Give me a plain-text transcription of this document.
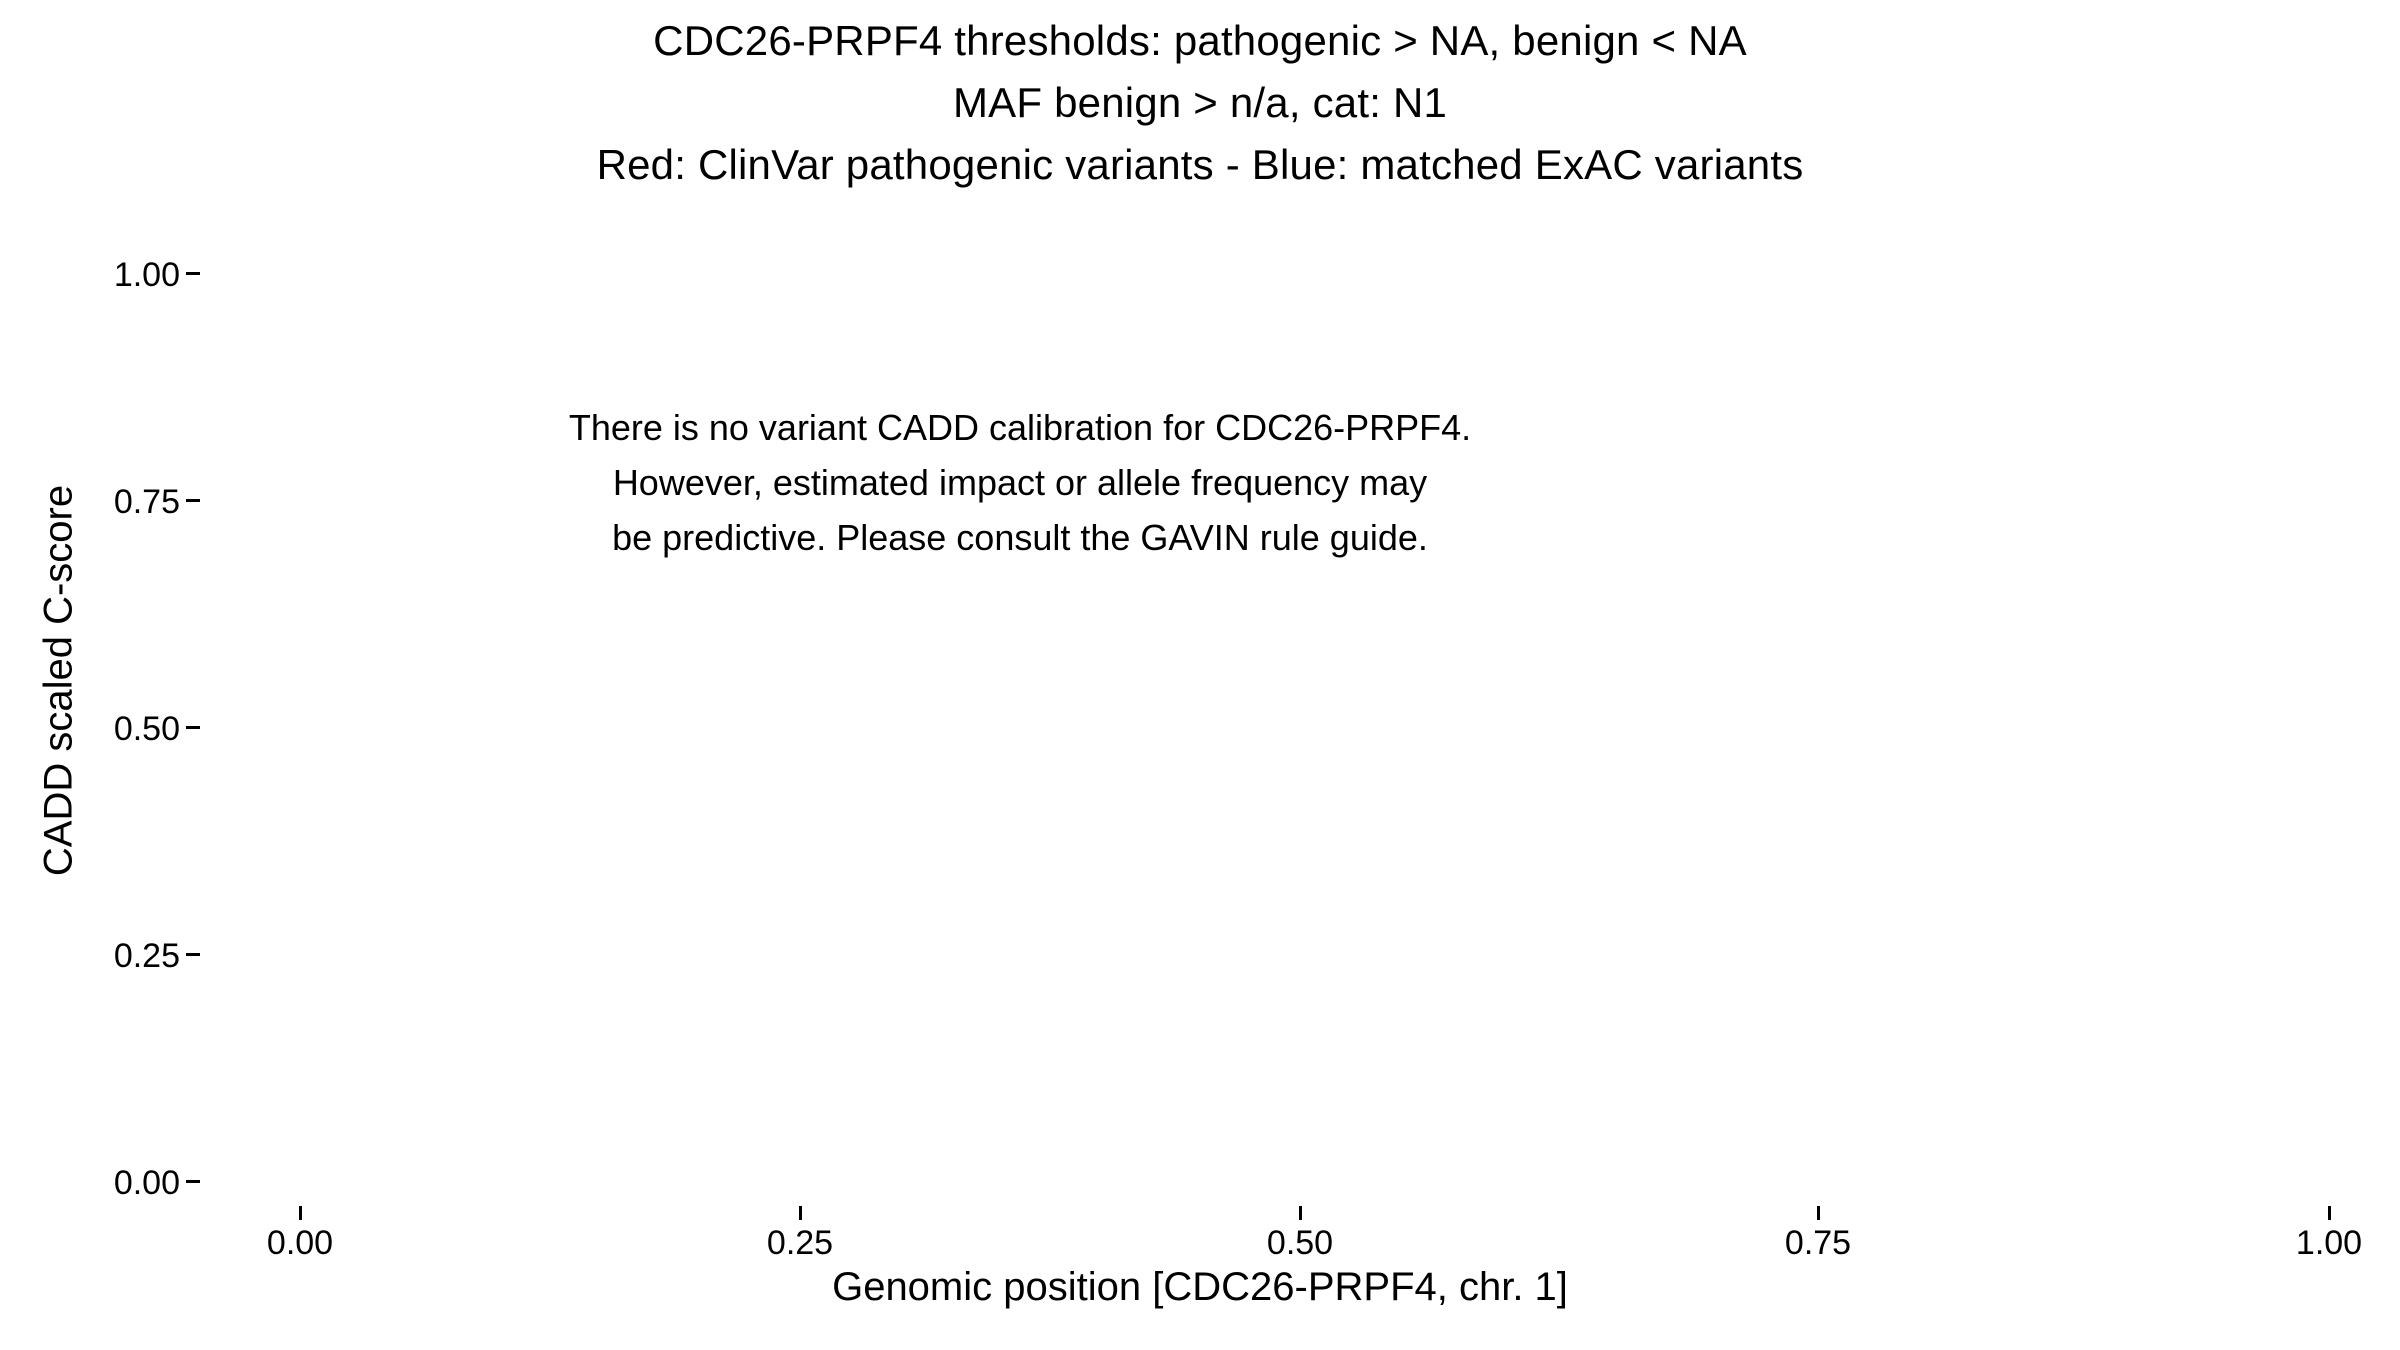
CDC26-PRPF4 thresholds: pathogenic > NA, benign < NA
MAF benign > n/a, cat: N1
Red: ClinVar pathogenic variants - Blue: matched ExAC variants
CADD scaled C-score
1.00
0.75
0.50
0.25
0.00
There is no variant CADD calibration for CDC26-PRPF4.
However, estimated impact or allele frequency may
be predictive. Please consult the GAVIN rule guide.
0.00	0.25	0.50	0.75	1.00
Genomic position [CDC26-PRPF4, chr. 1]
